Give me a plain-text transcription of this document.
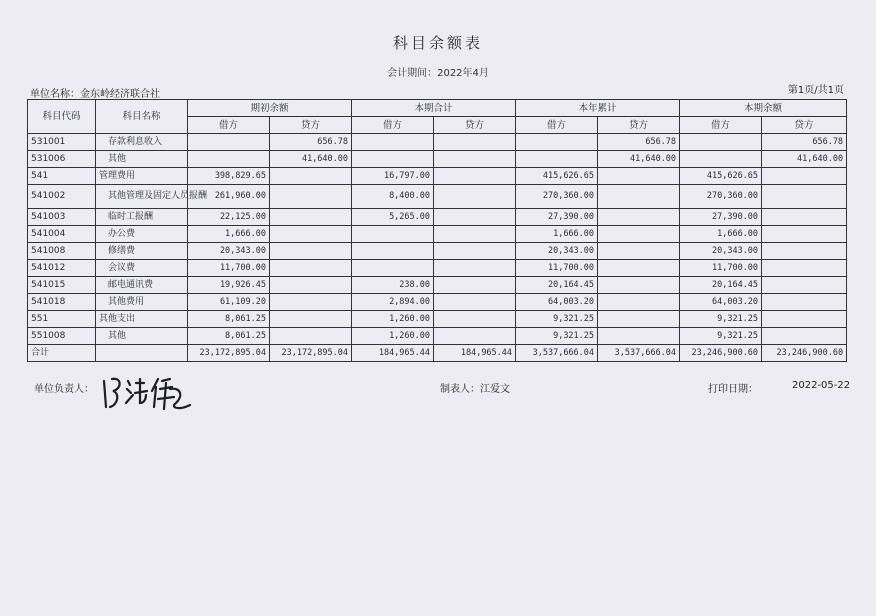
科目余额表
会计期间：2022年4月
单位名称：金东岭经济联合社	第1页/共1页
科目代码	科目名称	期初余额		本期合计		本年累计		本期余额	
		借方	贷方	借方	贷方	借方	贷方	借方	贷方
531001	存款利息收入		656.78				656.78		656.78
531006	其他		41,640.00				41,640.00		41,640.00
541	管理费用	398,829.65		16,797.00		415,626.65		415,626.65	
541002	其他管理及固定人员报酬	261,960.00		8,400.00		270,360.00		270,360.00	
541003	临时工报酬	22,125.00		5,265.00		27,390.00		27,390.00	
541004	办公费	1,666.00				1,666.00		1,666.00	
541008	修缮费	20,343.00				20,343.00		20,343.00	
541012	会议费	11,700.00				11,700.00		11,700.00	
541015	邮电通讯费	19,926.45		238.00		20,164.45		20,164.45	
541018	其他费用	61,109.20		2,894.00		64,003.20		64,003.20	
551	其他支出	8,061.25		1,260.00		9,321.25		9,321.25	
551008	其他	8,061.25		1,260.00		9,321.25		9,321.25	
合计		23,172,895.04	23,172,895.04	184,965.44	184,965.44	3,537,666.04	3,537,666.04	23,246,900.60	23,246,900.60
单位负责人：	制表人：江爱文	打印日期：	2022-05-22
